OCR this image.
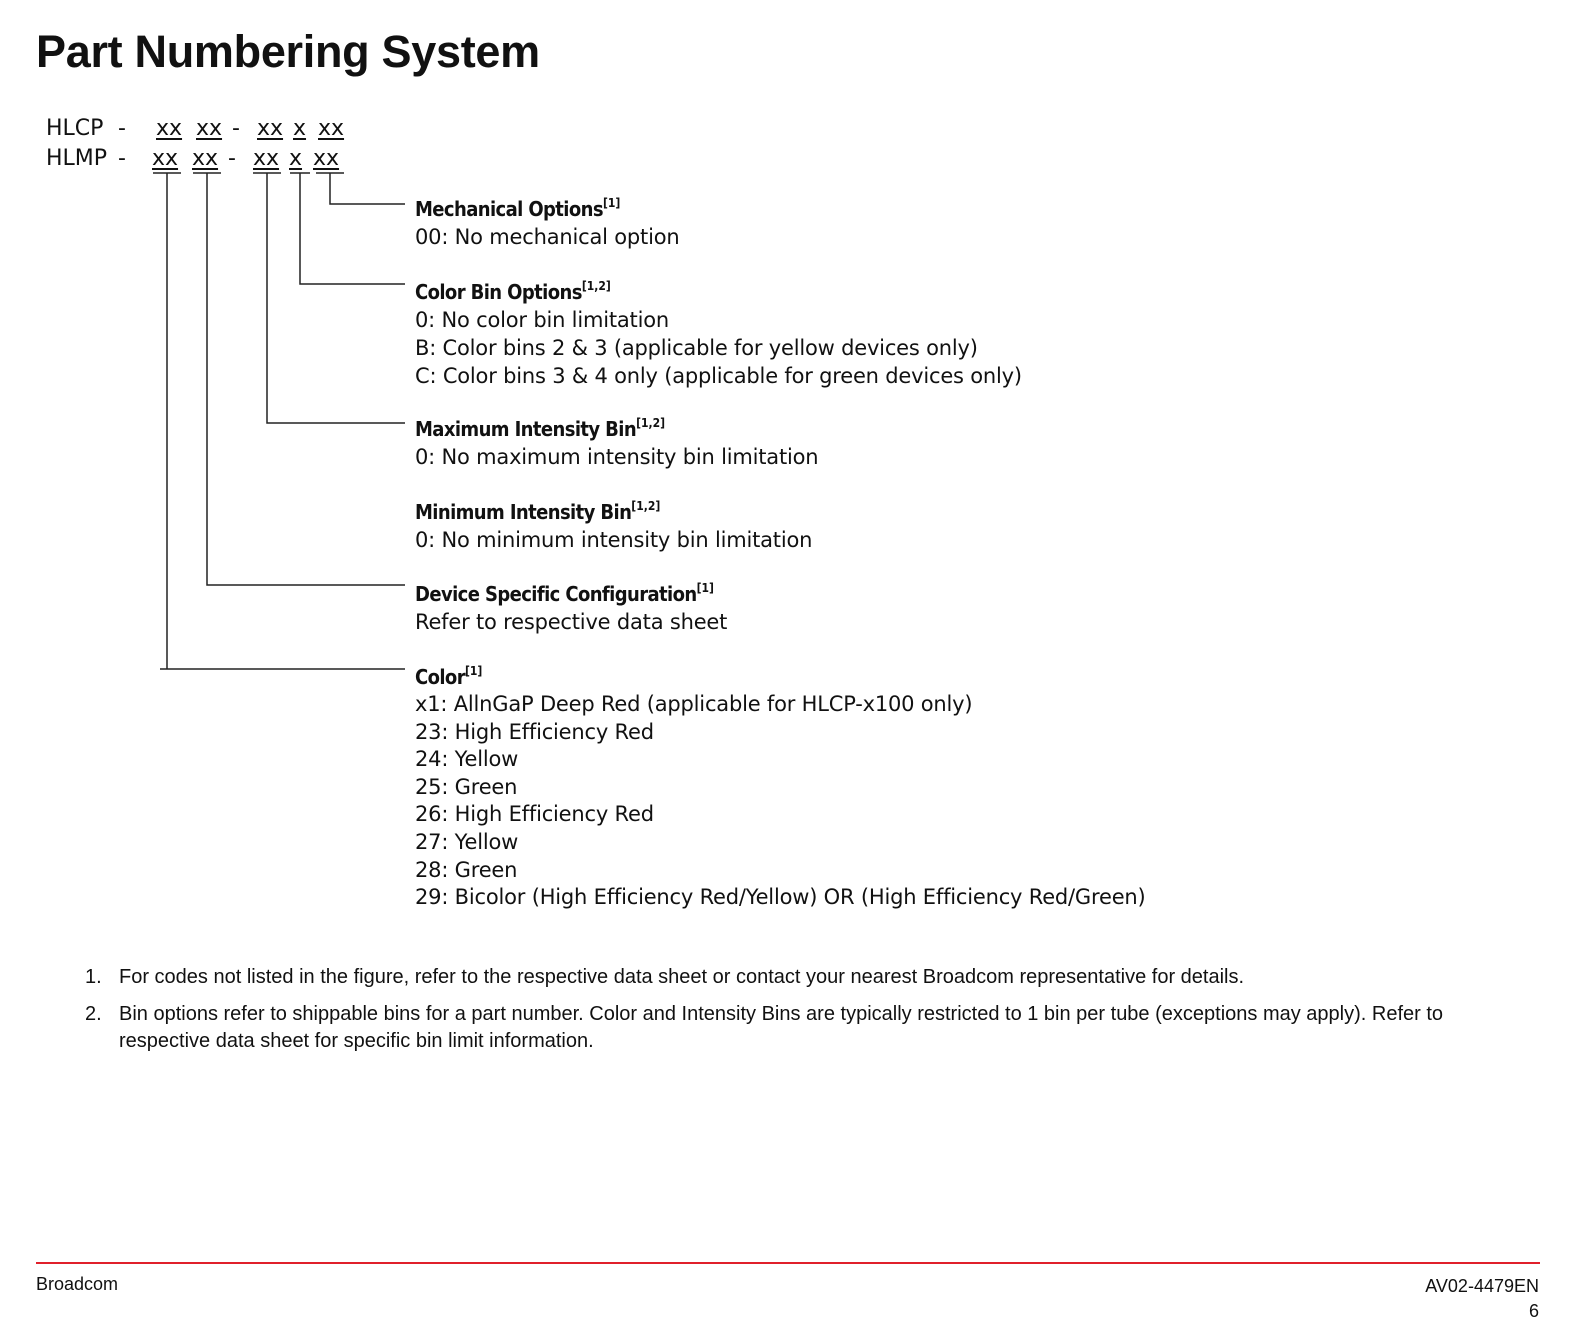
Part Numbering System
HLCP - xx xx - xx x xx
HLMP - xx xx - xx x xx
Mechanical Options[1]
00: No mechanical option
Color Bin Options[1,2]
0: No color bin limitation
B: Color bins 2 & 3 (applicable for yellow devices only)
C: Color bins 3 & 4 only (applicable for green devices only)
Maximum Intensity Bin[1,2]
0: No maximum intensity bin limitation
Minimum Intensity Bin[1,2]
0: No minimum intensity bin limitation
Device Specific Configuration[1]
Refer to respective data sheet
Color[1]
x1: AllnGaP Deep Red (applicable for HLCP-x100 only)
23: High Efficiency Red
24: Yellow
25: Green
26: High Efficiency Red
27: Yellow
28: Green
29: Bicolor (High Efficiency Red/Yellow) OR (High Efficiency Red/Green)
1. For codes not listed in the figure, refer to the respective data sheet or contact your nearest Broadcom representative for details.
2. Bin options refer to shippable bins for a part number. Color and Intensity Bins are typically restricted to 1 bin per tube (exceptions may apply). Refer to respective data sheet for specific bin limit information.
Broadcom	AV02-4479EN
6
